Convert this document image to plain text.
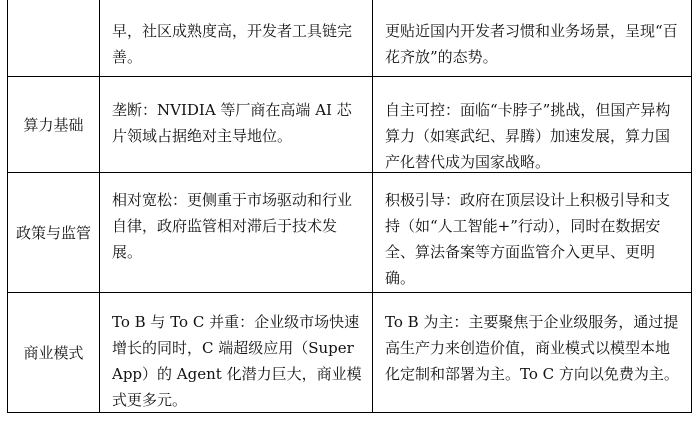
早，社区成熟度高，开发者工具链完善。
更贴近国内开发者习惯和业务场景，呈现“百花齐放”的态势。
算力基础
垄断：NVIDIA 等厂商在高端 AI 芯片领域占据绝对主导地位。
自主可控：面临“卡脖子”挑战，但国产异构算力（如寒武纪、昇腾）加速发展，算力国产化替代成为国家战略。
政策与监管
相对宽松：更侧重于市场驱动和行业自律，政府监管相对滞后于技术发展。
积极引导：政府在顶层设计上积极引导和支持（如“人工智能+”行动），同时在数据安全、算法备案等方面监管介入更早、更明确。
商业模式
To B 与 To C 并重：企业级市场快速增长的同时，C 端超级应用（Super App）的 Agent 化潜力巨大，商业模式更多元。
To B 为主：主要聚焦于企业级服务，通过提高生产力来创造价值，商业模式以模型本地化定制和部署为主。To C 方向以免费为主。
